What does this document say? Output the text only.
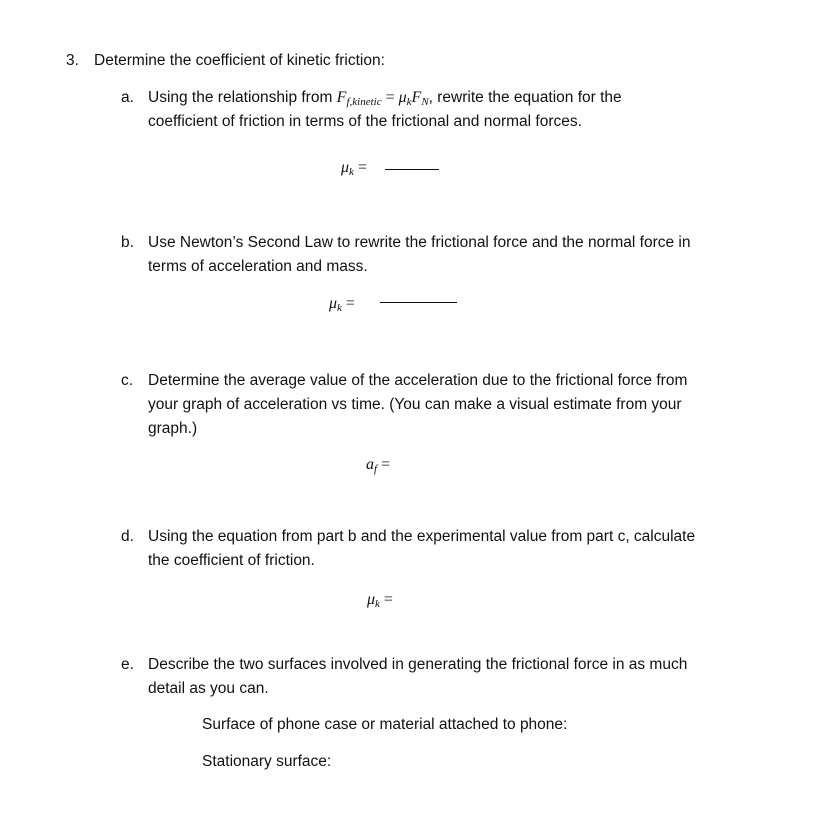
3. Determine the coefficient of kinetic friction:
a. Using the relationship from $F_{f,kinetic} = \mu_kF_N$, rewrite the equation for the
coefficient of friction in terms of the frictional and normal forces.
$\mu_k$ =
b. Use Newton’s Second Law to rewrite the frictional force and the normal force in
terms of acceleration and mass.
$\mu_k$ =
c. Determine the average value of the acceleration due to the frictional force from
your graph of acceleration vs time. (You can make a visual estimate from your
graph.)
$a_f$ =
d. Using the equation from part b and the experimental value from part c, calculate
the coefficient of friction.
$\mu_k$ =
e. Describe the two surfaces involved in generating the frictional force in as much
detail as you can.
Surface of phone case or material attached to phone:
Stationary surface:
